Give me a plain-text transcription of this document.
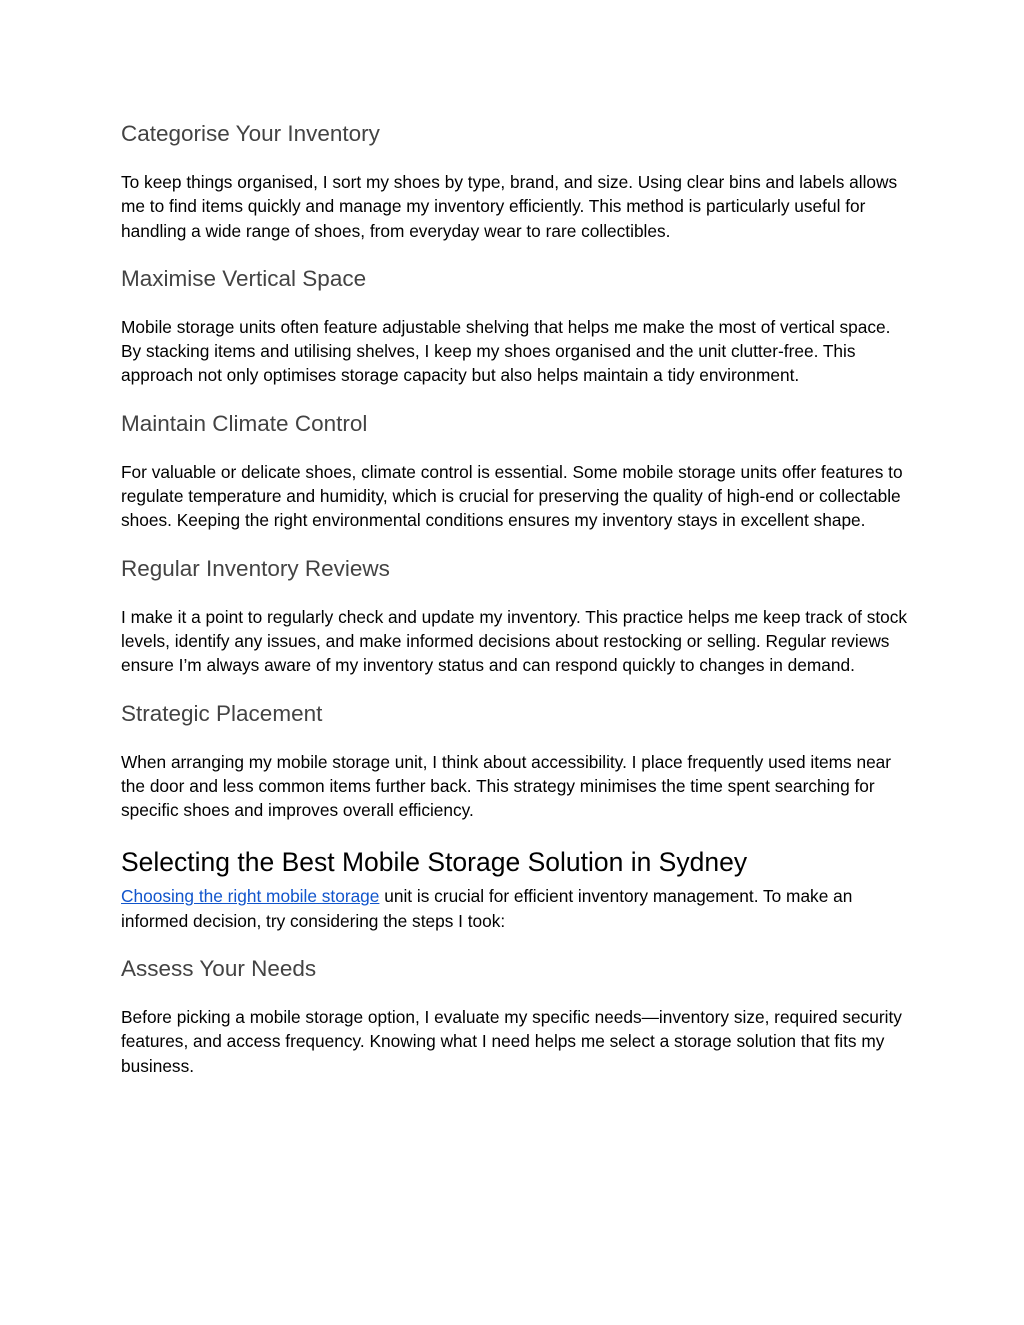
Categorise Your Inventory

To keep things organised, I sort my shoes by type, brand, and size. Using clear bins and labels allows me to find items quickly and manage my inventory efficiently. This method is particularly useful for handling a wide range of shoes, from everyday wear to rare collectibles.

Maximise Vertical Space

Mobile storage units often feature adjustable shelving that helps me make the most of vertical space. By stacking items and utilising shelves, I keep my shoes organised and the unit clutter-free. This approach not only optimises storage capacity but also helps maintain a tidy environment.

Maintain Climate Control

For valuable or delicate shoes, climate control is essential. Some mobile storage units offer features to regulate temperature and humidity, which is crucial for preserving the quality of high-end or collectable shoes. Keeping the right environmental conditions ensures my inventory stays in excellent shape.

Regular Inventory Reviews

I make it a point to regularly check and update my inventory. This practice helps me keep track of stock levels, identify any issues, and make informed decisions about restocking or selling. Regular reviews ensure I’m always aware of my inventory status and can respond quickly to changes in demand.

Strategic Placement

When arranging my mobile storage unit, I think about accessibility. I place frequently used items near the door and less common items further back. This strategy minimises the time spent searching for specific shoes and improves overall efficiency.

Selecting the Best Mobile Storage Solution in Sydney

Choosing the right mobile storage unit is crucial for efficient inventory management. To make an informed decision, try considering the steps I took:

Assess Your Needs

Before picking a mobile storage option, I evaluate my specific needs—inventory size, required security features, and access frequency. Knowing what I need helps me select a storage solution that fits my business.
